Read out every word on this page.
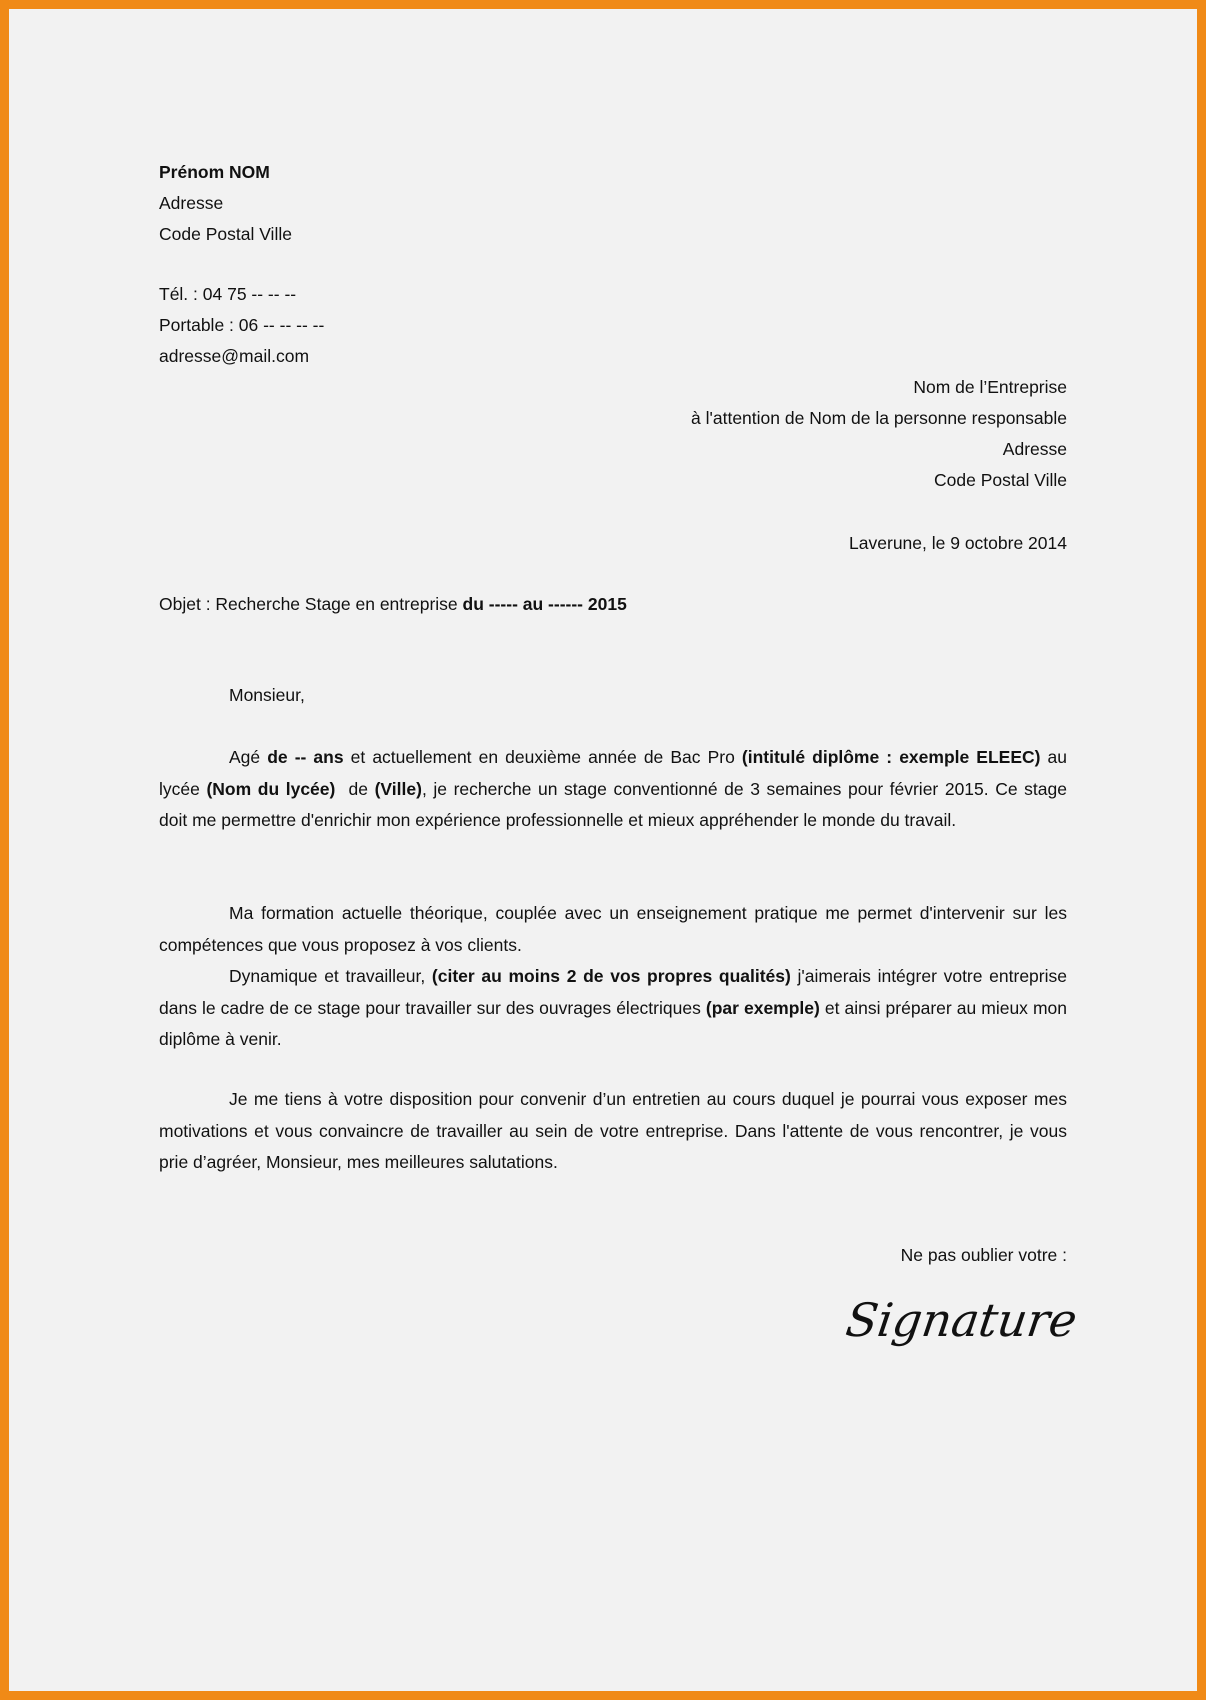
Prénom NOM
Adresse
Code Postal Ville
Tél. : 04 75 -- -- --
Portable : 06 -- -- -- --
adresse@mail.com
Nom de l’Entreprise
à l'attention de Nom de la personne responsable
Adresse
Code Postal Ville
Laverune, le 9 octobre 2014
Objet : Recherche Stage en entreprise du ----- au ------ 2015
Monsieur,

Agé de -- ans et actuellement en deuxième année de Bac Pro (intitulé diplôme : exemple ELEEC) au lycée (Nom du lycée)  de (Ville), je recherche un stage conventionné de 3 semaines pour février 2015. Ce stage doit me permettre d'enrichir mon expérience professionnelle et mieux appréhender le monde du travail.

Ma formation actuelle théorique, couplée avec un enseignement pratique me permet d'intervenir sur les compétences que vous proposez à vos clients.

Dynamique et travailleur, (citer au moins 2 de vos propres qualités) j'aimerais intégrer votre entreprise dans le cadre de ce stage pour travailler sur des ouvrages électriques (par exemple) et ainsi préparer au mieux mon diplôme à venir.

Je me tiens à votre disposition pour convenir d’un entretien au cours duquel je pourrai vous exposer mes motivations et vous convaincre de travailler au sein de votre entreprise. Dans l'attente de vous rencontrer, je vous prie d’agréer, Monsieur, mes meilleures salutations.

Ne pas oublier votre :
Signature
